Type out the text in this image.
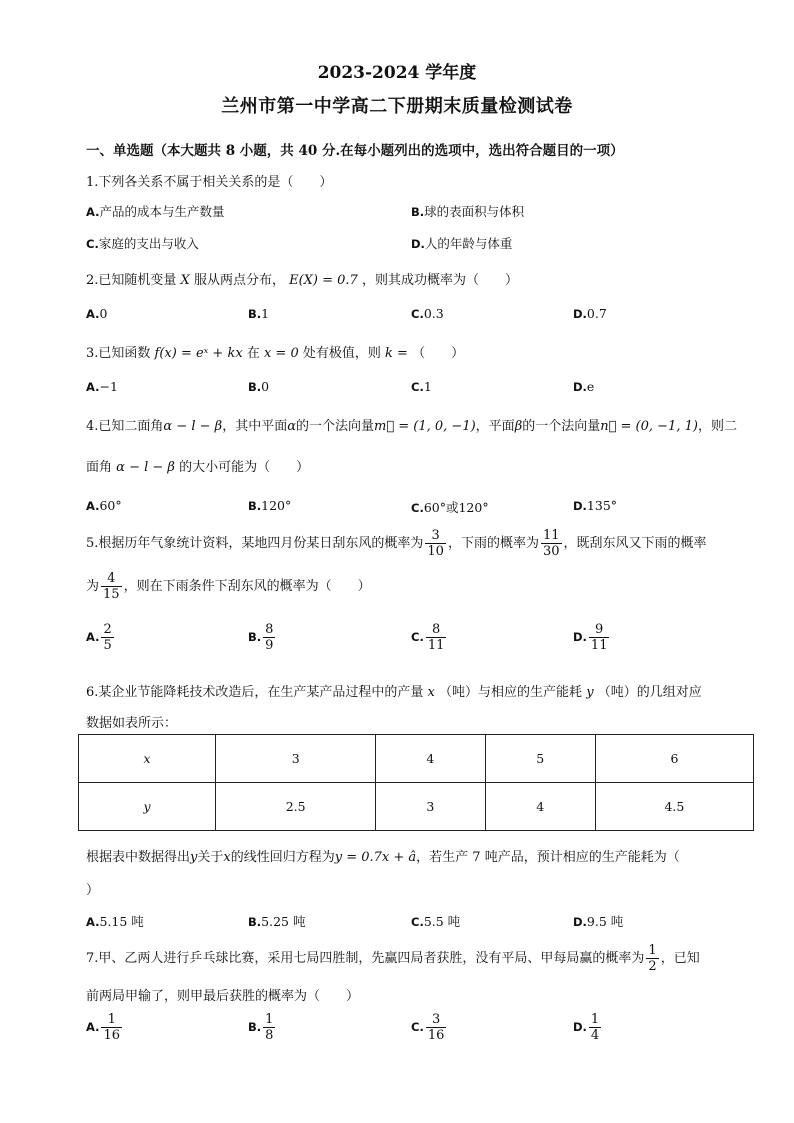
2023-2024 学年度
兰州市第一中学高二下册期末质量检测试卷
一、单选题（本大题共 8 小题，共 40 分.在每小题列出的选项中，选出符合题目的一项）
1.下列各关系不属于相关关系的是（　　）
A.产品的成本与生产数量	B.球的表面积与体积
C.家庭的支出与收入	D.人的年龄与体重
2.已知随机变量 X 服从两点分布， E(X) = 0.7 ，则其成功概率为（　　）
A.0	B.1	C.0.3	D.0.7
3.已知函数 f(x) = eˣ + kx 在 x = 0 处有极值，则 k = （　　）
A.−1	B.0	C.1	D.e
4.已知二面角α − l − β，其中平面α的一个法向量m⃗ = (1, 0, −1)，平面β的一个法向量n⃗ = (0, −1, 1)，则二
面角 α − l − β 的大小可能为（　　）
A.60°	B.120°	C.60°或120°	D.135°
5.根据历年气象统计资料，某地四月份某日刮东风的概率为 $\frac{3}{10}$ ，下雨的概率为 $\frac{11}{30}$ ，既刮东风又下雨的概率
为 $\frac{4}{15}$ ，则在下雨条件下刮东风的概率为（　　）
A. $\frac{2}{5}$	B. $\frac{8}{9}$	C. $\frac{8}{11}$	D. $\frac{9}{11}$
6.某企业节能降耗技术改造后，在生产某产品过程中的产量 x （吨）与相应的生产能耗 y （吨）的几组对应
数据如表所示：
x	3	4	5	6
y	2.5	3	4	4.5
根据表中数据得出y关于x的线性回归方程为y = 0.7x + â，若生产 7 吨产品，预计相应的生产能耗为（
）
A.5.15 吨	B.5.25 吨	C.5.5 吨	D.9.5 吨
7.甲、乙两人进行乒乓球比赛，采用七局四胜制，先赢四局者获胜，没有平局、甲每局赢的概率为 $\frac{1}{2}$ ，已知
前两局甲输了，则甲最后获胜的概率为（　　）
A. $\frac{1}{16}$	B. $\frac{1}{8}$	C. $\frac{3}{16}$	D. $\frac{1}{4}$
